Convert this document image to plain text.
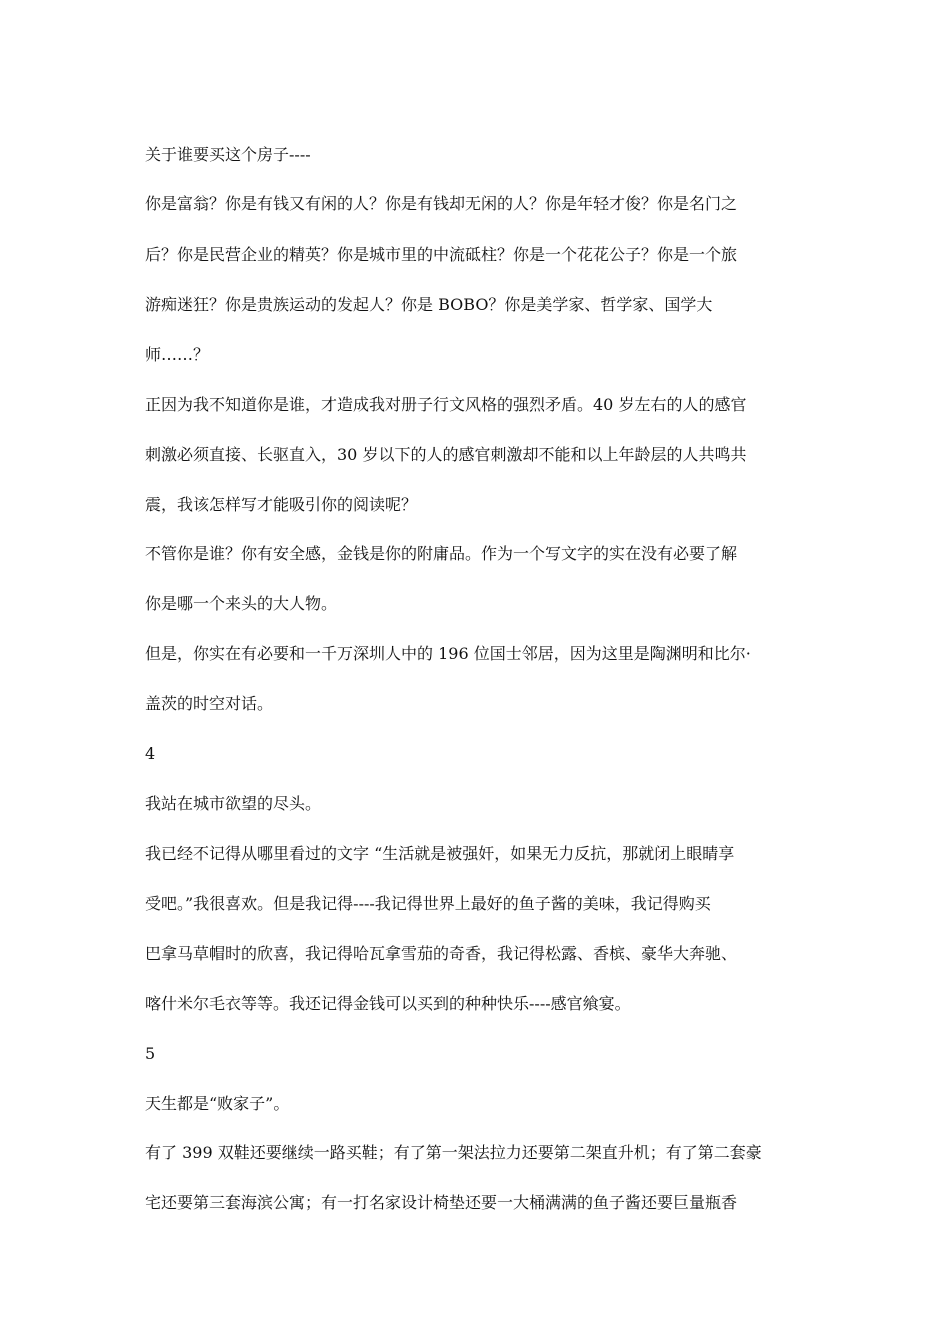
关于谁要买这个房子----
你是富翁？你是有钱又有闲的人？你是有钱却无闲的人？你是年轻才俊？你是名门之
后？你是民营企业的精英？你是城市里的中流砥柱？你是一个花花公子？你是一个旅
游痴迷狂？你是贵族运动的发起人？你是 BOBO？你是美学家、哲学家、国学大
师……？
正因为我不知道你是谁，才造成我对册子行文风格的强烈矛盾。40 岁左右的人的感官
刺激必须直接、长驱直入，30 岁以下的人的感官刺激却不能和以上年龄层的人共鸣共
震，我该怎样写才能吸引你的阅读呢？
不管你是谁？你有安全感，金钱是你的附庸品。作为一个写文字的实在没有必要了解
你是哪一个来头的大人物。
但是，你实在有必要和一千万深圳人中的 196 位国士邻居，因为这里是陶渊明和比尔·
盖茨的时空对话。
4
我站在城市欲望的尽头。
我已经不记得从哪里看过的文字 “生活就是被强奸，如果无力反抗，那就闭上眼睛享
受吧。”我很喜欢。但是我记得----我记得世界上最好的鱼子酱的美味，我记得购买
巴拿马草帽时的欣喜，我记得哈瓦拿雪茄的奇香，我记得松露、香槟、豪华大奔驰、
喀什米尔毛衣等等。我还记得金钱可以买到的种种快乐----感官飨宴。
5
天生都是“败家子”。
有了 399 双鞋还要继续一路买鞋；有了第一架法拉力还要第二架直升机；有了第二套豪
宅还要第三套海滨公寓；有一打名家设计椅垫还要一大桶满满的鱼子酱还要巨量瓶香
